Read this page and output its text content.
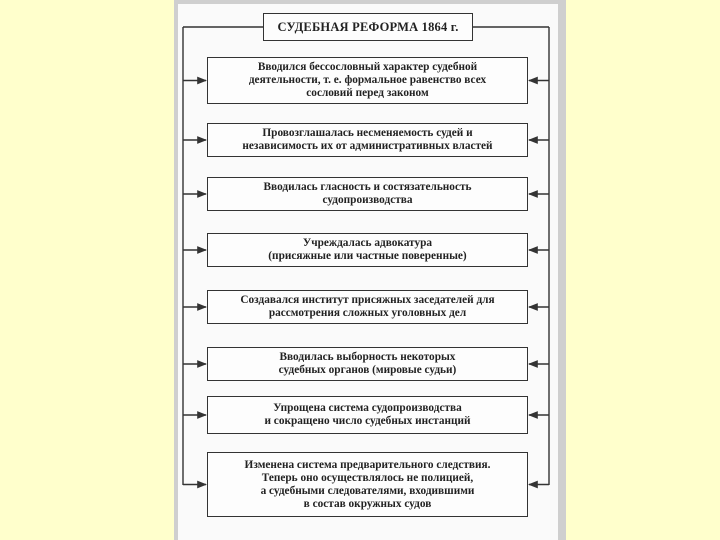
СУДЕБНАЯ РЕФОРМА 1864 г.
Вводился бессословный характер судебной
деятельности, т. е. формальное равенство всех
сословий перед законом
Провозглашалась несменяемость судей и
независимость их от административных властей
Вводилась гласность и состязательность
судопроизводства
Учреждалась адвокатура
(присяжные или частные поверенные)
Создавался институт присяжных заседателей для
рассмотрения сложных уголовных дел
Вводилась выборность некоторых
судебных органов (мировые судьи)
Упрощена система судопроизводства
и сокращено число судебных инстанций
Изменена система предварительного следствия.
Теперь оно осуществлялось не полицией,
а судебными следователями, входившими
в состав окружных судов
